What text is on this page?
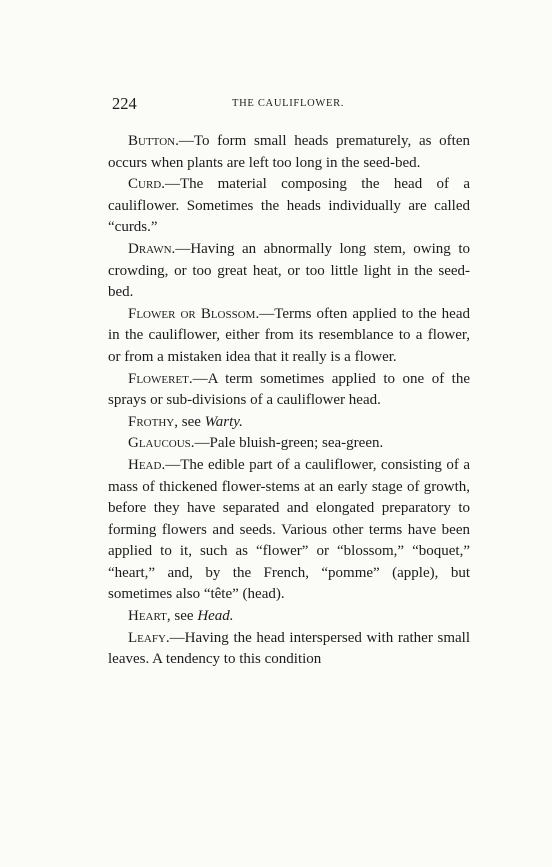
224	THE CAULIFLOWER.

Button.—To form small heads prematurely, as often occurs when plants are left too long in the seed-bed.

Curd.—The material composing the head of a cauliflower. Sometimes the heads individually are called “curds.”

Drawn.—Having an abnormally long stem, owing to crowding, or too great heat, or too little light in the seed-bed.

Flower or Blossom.—Terms often applied to the head in the cauliflower, either from its resemblance to a flower, or from a mistaken idea that it really is a flower.

Floweret.—A term sometimes applied to one of the sprays or sub-divisions of a cauliflower head.

Frothy, see Warty.

Glaucous.—Pale bluish-green; sea-green.

Head.—The edible part of a cauliflower, consisting of a mass of thickened flower-stems at an early stage of growth, before they have separated and elongated preparatory to forming flowers and seeds. Various other terms have been applied to it, such as “flower” or “blossom,” “boquet,” “heart,” and, by the French, “pomme” (apple), but sometimes also “tête” (head).

Heart, see Head.

Leafy.—Having the head interspersed with rather small leaves. A tendency to this condition
